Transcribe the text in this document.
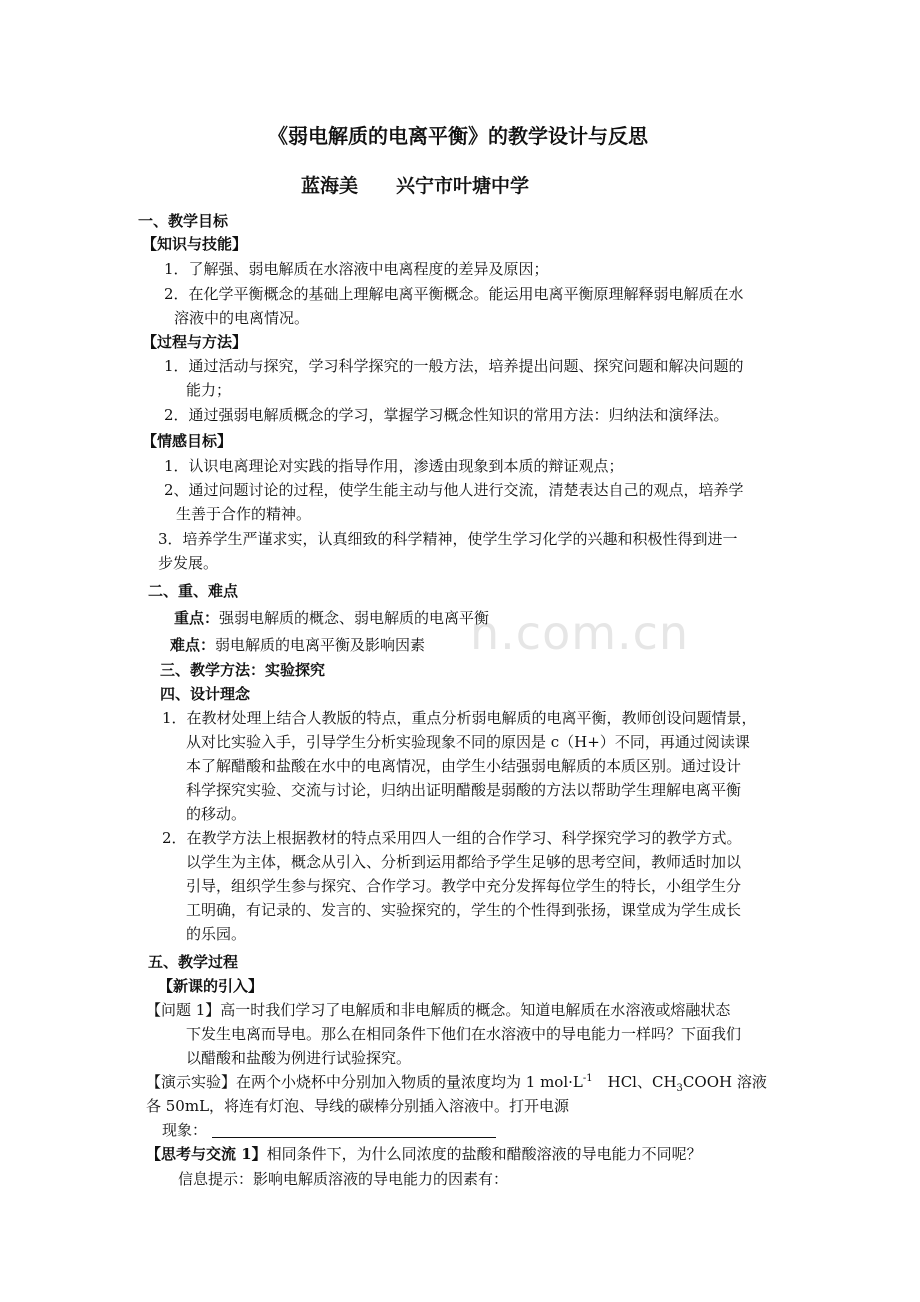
n.com.cn
《弱电解质的电离平衡》的教学设计与反思
蓝海美　　兴宁市叶塘中学
一、教学目标
【知识与技能】
1．了解强、弱电解质在水溶液中电离程度的差异及原因；
2．在化学平衡概念的基础上理解电离平衡概念。能运用电离平衡原理解释弱电解质在水
溶液中的电离情况。
【过程与方法】
1．通过活动与探究，学习科学探究的一般方法，培养提出问题、探究问题和解决问题的
能力；
2．通过强弱电解质概念的学习，掌握学习概念性知识的常用方法：归纳法和演绎法。
【情感目标】
1．认识电离理论对实践的指导作用，渗透由现象到本质的辩证观点；
2、通过问题讨论的过程，使学生能主动与他人进行交流，清楚表达自己的观点，培养学
生善于合作的精神。
3．培养学生严谨求实，认真细致的科学精神，使学生学习化学的兴趣和积极性得到进一
步发展。
二、重、难点
重点：强弱电解质的概念、弱电解质的电离平衡
难点：弱电解质的电离平衡及影响因素
三、教学方法：实验探究
四、设计理念
1．在教材处理上结合人教版的特点，重点分析弱电解质的电离平衡，教师创设问题情景，
从对比实验入手，引导学生分析实验现象不同的原因是 c（H+）不同，再通过阅读课
本了解醋酸和盐酸在水中的电离情况，由学生小结强弱电解质的本质区别。通过设计
科学探究实验、交流与讨论，归纳出证明醋酸是弱酸的方法以帮助学生理解电离平衡
的移动。
2．在教学方法上根据教材的特点采用四人一组的合作学习、科学探究学习的教学方式。
以学生为主体，概念从引入、分析到运用都给予学生足够的思考空间，教师适时加以
引导，组织学生参与探究、合作学习。教学中充分发挥每位学生的特长，小组学生分
工明确，有记录的、发言的、实验探究的，学生的个性得到张扬，课堂成为学生成长
的乐园。
五、教学过程
【新课的引入】
【问题 1】高一时我们学习了电解质和非电解质的概念。知道电解质在水溶液或熔融状态
下发生电离而导电。那么在相同条件下他们在水溶液中的导电能力一样吗？下面我们
以醋酸和盐酸为例进行试验探究。
【演示实验】在两个小烧杯中分别加入物质的量浓度均为 1 $mol\cdot L^{-1}$　HCl、$CH_3COOH$ 溶液
各 50mL，将连有灯泡、导线的碳棒分别插入溶液中。打开电源
现象：
【思考与交流 1】相同条件下，为什么同浓度的盐酸和醋酸溶液的导电能力不同呢？
信息提示：影响电解质溶液的导电能力的因素有：
